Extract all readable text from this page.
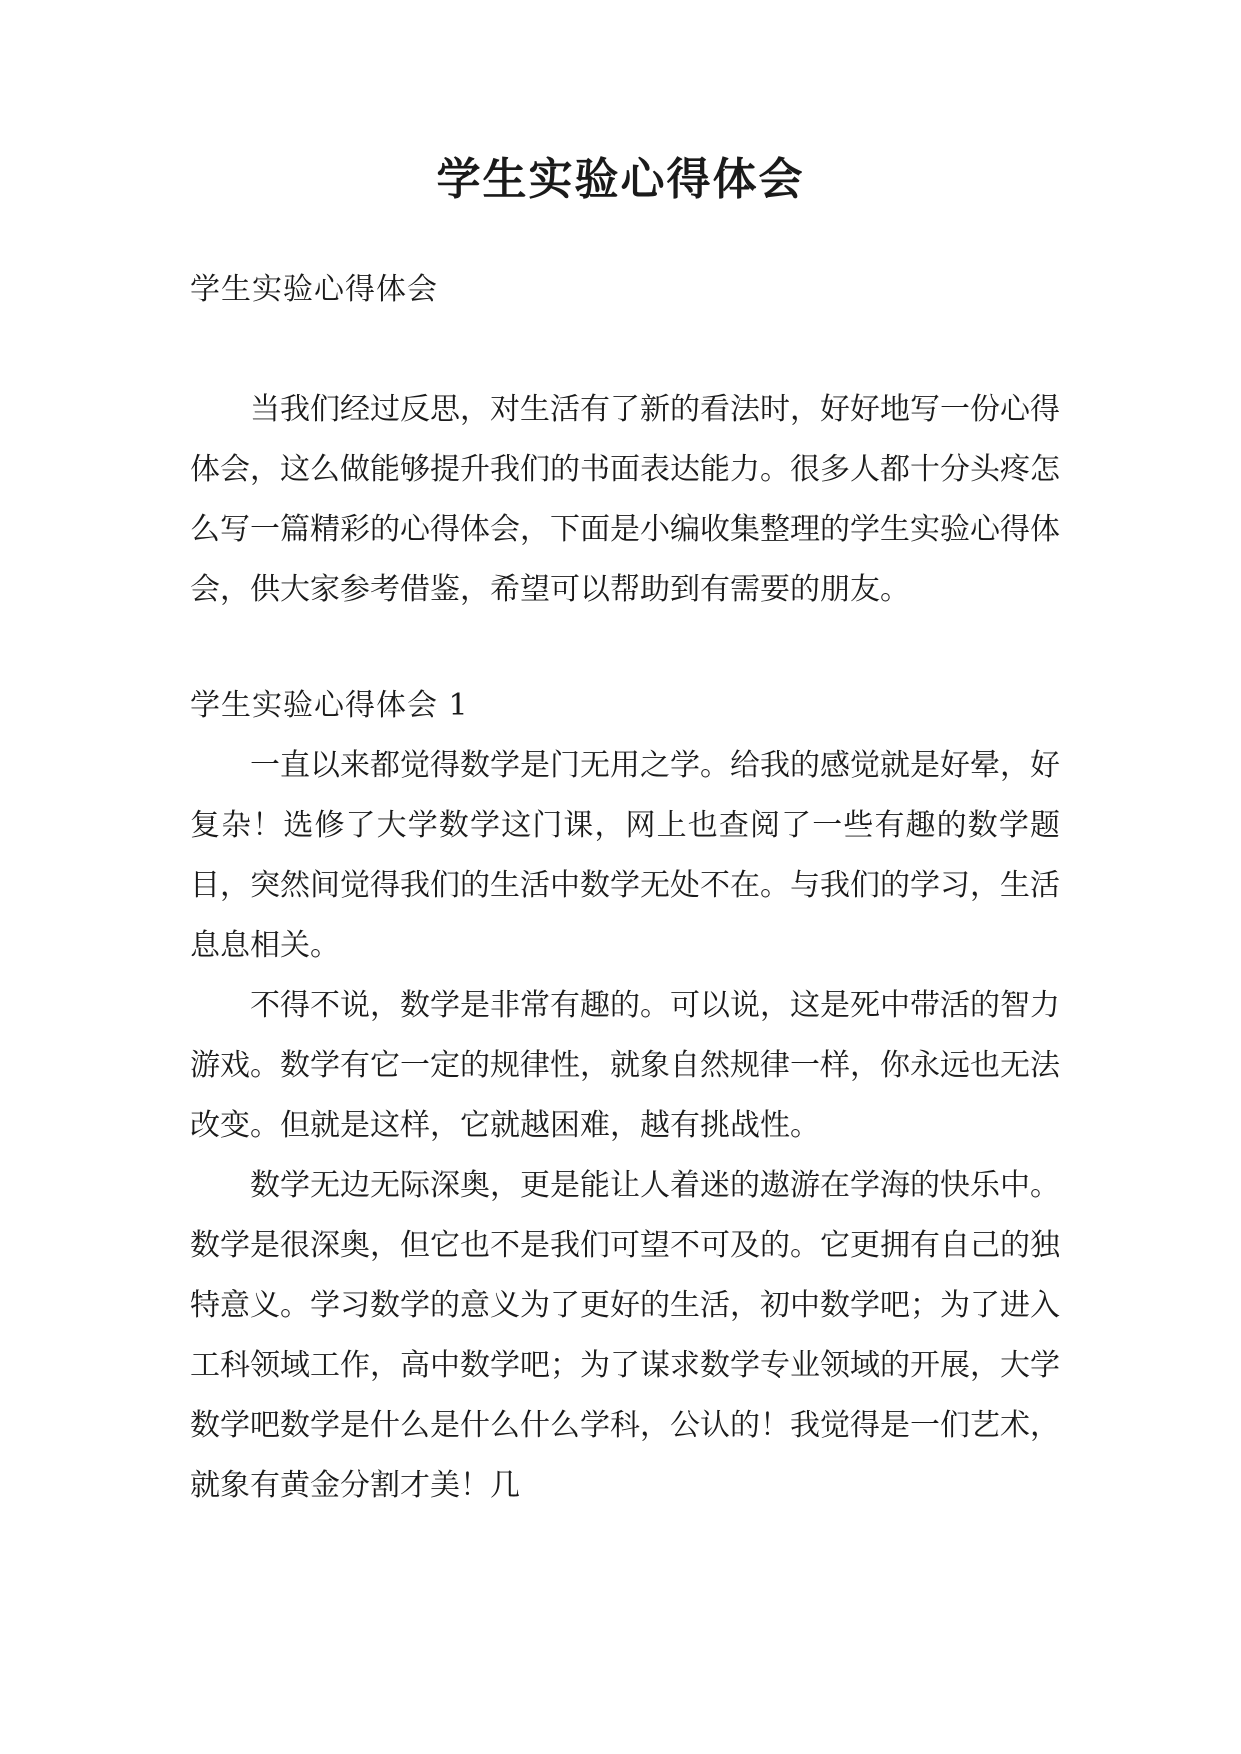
学生实验心得体会

学生实验心得体会

当我们经过反思，对生活有了新的看法时，好好地写一份心得体会，这么做能够提升我们的书面表达能力。很多人都十分头疼怎么写一篇精彩的心得体会，下面是小编收集整理的学生实验心得体会，供大家参考借鉴，希望可以帮助到有需要的朋友。

学生实验心得体会 1

一直以来都觉得数学是门无用之学。给我的感觉就是好晕，好复杂！选修了大学数学这门课，网上也查阅了一些有趣的数学题目，突然间觉得我们的生活中数学无处不在。与我们的学习，生活息息相关。

不得不说，数学是非常有趣的。可以说，这是死中带活的智力游戏。数学有它一定的规律性，就象自然规律一样，你永远也无法改变。但就是这样，它就越困难，越有挑战性。

数学无边无际深奥，更是能让人着迷的遨游在学海的快乐中。数学是很深奥，但它也不是我们可望不可及的。它更拥有自己的独特意义。学习数学的意义为了更好的生活，初中数学吧；为了进入工科领域工作，高中数学吧；为了谋求数学专业领域的开展，大学数学吧数学是什么是什么什么学科，公认的！我觉得是一们艺术，就象有黄金分割才美！几
